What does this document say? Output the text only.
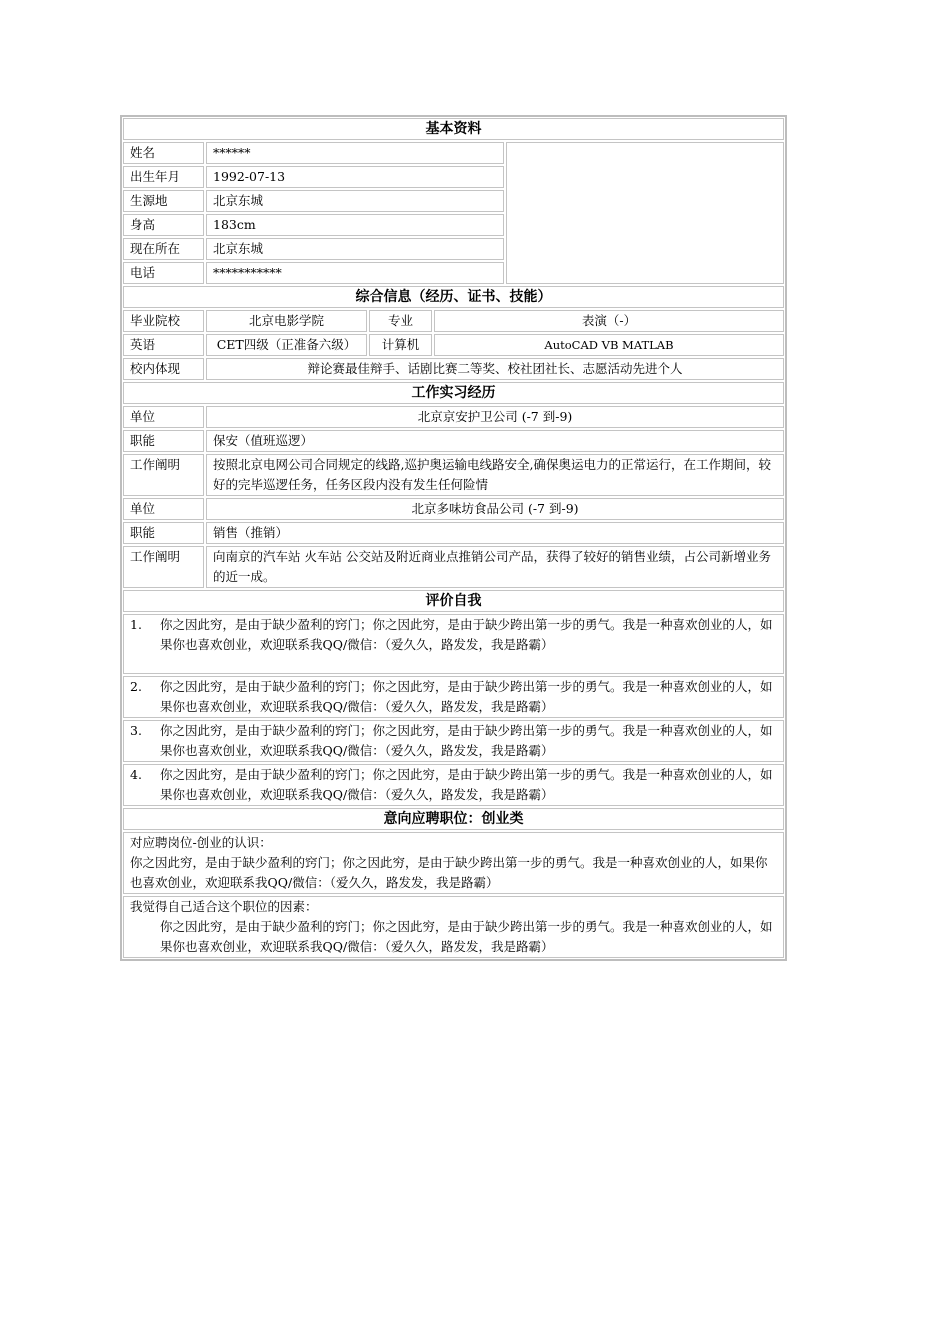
基本资料
姓名	******
出生年月	1992-07-13
生源地	北京东城
身高	183cm
现在所在	北京东城
电话	***********
综合信息（经历、证书、技能）
毕业院校	北京电影学院	专业	表演（-）
英语	CET四级（正准备六级）	计算机	AutoCAD VB MATLAB
校内体现	辩论赛最佳辩手、话剧比赛二等奖、校社团社长、志愿活动先进个人
工作实习经历
单位	北京京安护卫公司 (-7 到-9)
职能	保安（值班巡逻）
工作阐明	按照北京电网公司合同规定的线路,巡护奥运输电线路安全,确保奥运电力的正常运行，在工作期间，较好的完毕巡逻任务，任务区段内没有发生任何险情
单位	北京多味坊食品公司 (-7 到-9)
职能	销售（推销）
工作阐明	向南京的汽车站 火车站 公交站及附近商业点推销公司产品，获得了较好的销售业绩，占公司新增业务的近一成。
评价自我
1.	你之因此穷，是由于缺少盈利的窍门；你之因此穷，是由于缺少跨出第一步的勇气。我是一种喜欢创业的人，如果你也喜欢创业，欢迎联系我QQ/微信：（爱久久，路发发，我是路霸）
2.	你之因此穷，是由于缺少盈利的窍门；你之因此穷，是由于缺少跨出第一步的勇气。我是一种喜欢创业的人，如果你也喜欢创业，欢迎联系我QQ/微信：（爱久久，路发发，我是路霸）
3.	你之因此穷，是由于缺少盈利的窍门；你之因此穷，是由于缺少跨出第一步的勇气。我是一种喜欢创业的人，如果你也喜欢创业，欢迎联系我QQ/微信：（爱久久，路发发，我是路霸）
4.	你之因此穷，是由于缺少盈利的窍门；你之因此穷，是由于缺少跨出第一步的勇气。我是一种喜欢创业的人，如果你也喜欢创业，欢迎联系我QQ/微信：（爱久久，路发发，我是路霸）
意向应聘职位：创业类
对应聘岗位-创业的认识：
你之因此穷，是由于缺少盈利的窍门；你之因此穷，是由于缺少跨出第一步的勇气。我是一种喜欢创业的人，如果你也喜欢创业，欢迎联系我QQ/微信：（爱久久，路发发，我是路霸）
我觉得自己适合这个职位的因素：
你之因此穷，是由于缺少盈利的窍门；你之因此穷，是由于缺少跨出第一步的勇气。我是一种喜欢创业的人，如果你也喜欢创业，欢迎联系我QQ/微信：（爱久久，路发发，我是路霸）
